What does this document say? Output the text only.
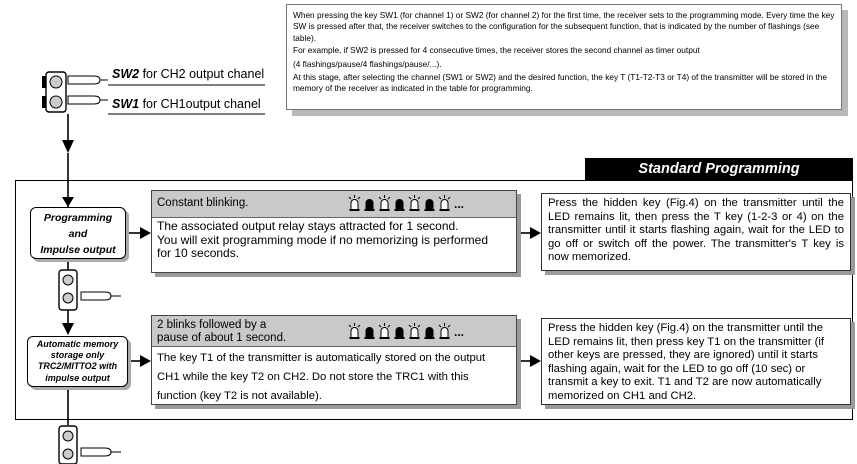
SW2 for CH2 output chanel
SW1 for CH1output chanel

When pressing the key SW1 (for channel 1) or SW2 (for channel 2) for the first time, the receiver sets to the programming mode. Every time the key SW is pressed after that, the receiver switches to the configuration for the subsequent function, that is indicated by the number of flashings (see table).

For example, if SW2 is pressed for 4 consecutive times, the receiver stores the second channel as timer output

(4 flashings/pause/4 flashings/pause/...).

At this stage, after selecting the channel (SW1 or SW2) and the desired function, the key T (T1-T2-T3 or T4) of the transmitter will be stored in the memory of the receiver as indicated in the table for programming.

Standard Programming
Programming
and
Impulse output
Constant blinking.	...
The associated output relay stays attracted for 1 second.
You will exit programming mode if no memorizing is performed
for 10 seconds.
Press the hidden key (Fig.4) on the transmitter until the LED remains lit, then press the T key (1-2-3 or 4) on the transmitter until it starts flashing again, wait for the LED to go off or switch off the power. The transmitter's T key is now memorized.
Automatic memory
storage only
TRC2/MITTO2 with
impulse output
2 blinks followed by a
pause of about 1 second.	...
The key T1 of the transmitter is automatically stored on the output
CH1 while the key T2 on CH2. Do not store the TRC1 with this
function (key T2 is not available).
Press the hidden key (Fig.4) on the transmitter until the
LED remains lit, then press key T1 on the transmitter (if
other keys are pressed, they are ignored) until it starts
flashing again, wait for the LED to go off (10 sec) or
transmit a key to exit. T1 and T2 are now automatically
memorized on CH1 and CH2.
